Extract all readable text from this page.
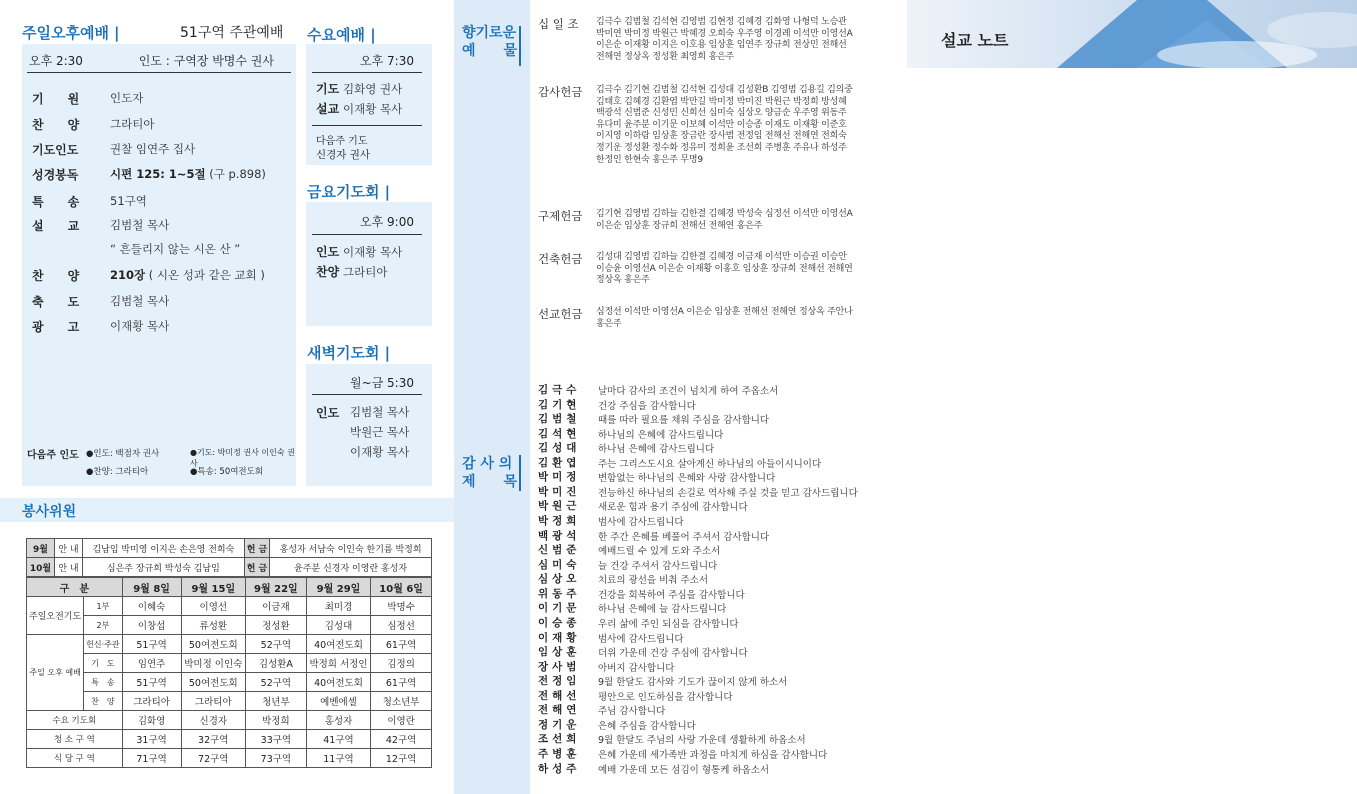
주일오후예배 |	51구역 주관예배
오후 2:30	인도 : 구역장 박명수 권사
기　　원	인도자
찬　　양	그라티아
기도인도	권찰 임연주 집사
성경봉독	시편 125: 1~5절 (구 p.898)
특　　송	51구역
설　　교	김범철 목사
“ 흔들리지 않는 시온 산 ”
찬　　양	210장 ( 시온 성과 같은 교회 )
축　　도	김범철 목사
광　　고	이재황 목사
다음주 인도 ●인도: 백점자 권사	●기도: 박미정 권사 이인숙 권사
●찬양: 그라티아	●특송: 50여전도회
수요예배 |
오후 7:30
기도 김화영 권사
설교 이재황 목사
다음주 기도
신경자 권사
금요기도회 |
오후 9:00
인도 이재황 목사
찬양 그라티아
새벽기도회 |
월~금 5:30
인도 김범철 목사
박원근 목사
이재황 목사
봉사위원
9월	안 내	김남임 박미영 이지은 손은영 전희숙	헌 금	홍성자 서남숙 이인숙 한기름 박정희
10월	안 내	심은주 장규희 박성숙 김남임	헌 금	윤주분 신경자 이영란 홍성자
구　분		9월 8일	9월 15일	9월 22일	9월 29일	10월 6일
주일오전기도	1부	이혜숙	이영선	이금재	최미경	박명수
	2부	이창섭	류성환	정성환	김성대	심정선
주일 오후 예배	헌신·주관	51구역	50여전도회	52구역	40여전도회	61구역
	기　도	임연주	박미정 이인숙	김성환A	박정희 서정인	김정의
	특　송	51구역	50여전도회	52구역	40여전도회	61구역
	찬　양	그라티아	그라티아	청년부	예벤에셀	청소년부
수요 기도회		김화영	신경자	박정희	홍성자	이영란
청 소 구 역		31구역	32구역	33구역	41구역	42구역
식 당 구 역		71구역	72구역	73구역	11구역	12구역
향기로운
예　　물
감 사 의
제　　목
십 일 조 김극수 김범철 김석현 김영범 김현정 김혜경 김화영 나형덕 노승관 박미연 박미정 박원근 박혜경 오희숙 우주영 이경례 이석만 이영선A 이은순 이재황 이지은 이호용 임상훈 임연주 장규희 전상민 전해선 전해연 정상옥 정성환 최영희 홍은주
감사헌금 김극수 김기현 김범철 김석현 김성대 김성환B 김영범 김용길 김의중 김태호 김혜경 김환엽 박만길 박미정 박미진 박원근 박정희 방성혜 백광석 신범준 신성민 신희선 심미숙 심상오 양금순 우주영 위동주 유다미 윤주분 이기문 이보혜 이석만 이승종 이재도 이재황 이준호 이지영 이하람 임상훈 장금란 장사범 전정임 전해선 전해연 전희숙 정기운 정성환 정수화 정유미 정희윤 조선희 주병훈 주유나 하성주 한정인 한현숙 홍은주 무명9
구제헌금 김기현 김영범 김하늘 김한결 김혜경 박성숙 심정선 이석만 이영선A 이은순 임상훈 장규희 전해선 전해연 홍은주
건축헌금 김성대 김영범 김하늘 김한결 김혜경 이금재 이석만 이승권 이승안 이승윤 이영선A 이은순 이재황 이홍호 임상훈 장규희 전해선 전해연 정상옥 홍은주
선교헌금 심정선 이석만 이영선A 이은순 임상훈 전해선 전해연 정상옥 주안나 홍은주
김극수 날마다 감사의 조건이 넘치게 하여 주옵소서
김기현 건강 주심을 감사합니다
김범철 때를 따라 필요를 채워 주심을 감사합니다
김석현 하나님의 은혜에 감사드립니다
김성대 하나님 은혜에 감사드립니다
김환엽 주는 그리스도시요 살아계신 하나님의 아들이시니이다
박미정 변함없는 하나님의 은혜와 사랑 감사합니다
박미진 전능하신 하나님의 손길로 역사해 주실 것을 믿고 감사드립니다
박원근 새로운 힘과 용기 주심에 감사합니다
박정희 범사에 감사드립니다
백광석 한 주간 은혜를 베풀어 주셔서 감사합니다
신범준 예배드릴 수 있게 도와 주소서
심미숙 늘 건강 주셔서 감사드립니다
심상오 치료의 광선을 비춰 주소서
위동주 건강을 회복하여 주심을 감사합니다
이기문 하나님 은혜에 늘 감사드립니다
이승종 우리 삶에 주인 되심을 감사합니다
이재황 범사에 감사드립니다
임상훈 더위 가운데 건강 주심에 감사합니다
장사범 아버지 감사합니다
전정임 9월 한달도 감사와 기도가 끊이지 않게 하소서
전해선 평안으로 인도하심을 감사합니다
전해연 주님 감사합니다
정기운 은혜 주심을 감사합니다
조선희 9월 한달도 주님의 사랑 가운데 생활하게 하옵소서
주병훈 은혜 가운데 세가족반 과정을 마치게 하심을 감사합니다
하성주 예배 가운데 모든 섬김이 형통케 하옵소서
설교 노트
